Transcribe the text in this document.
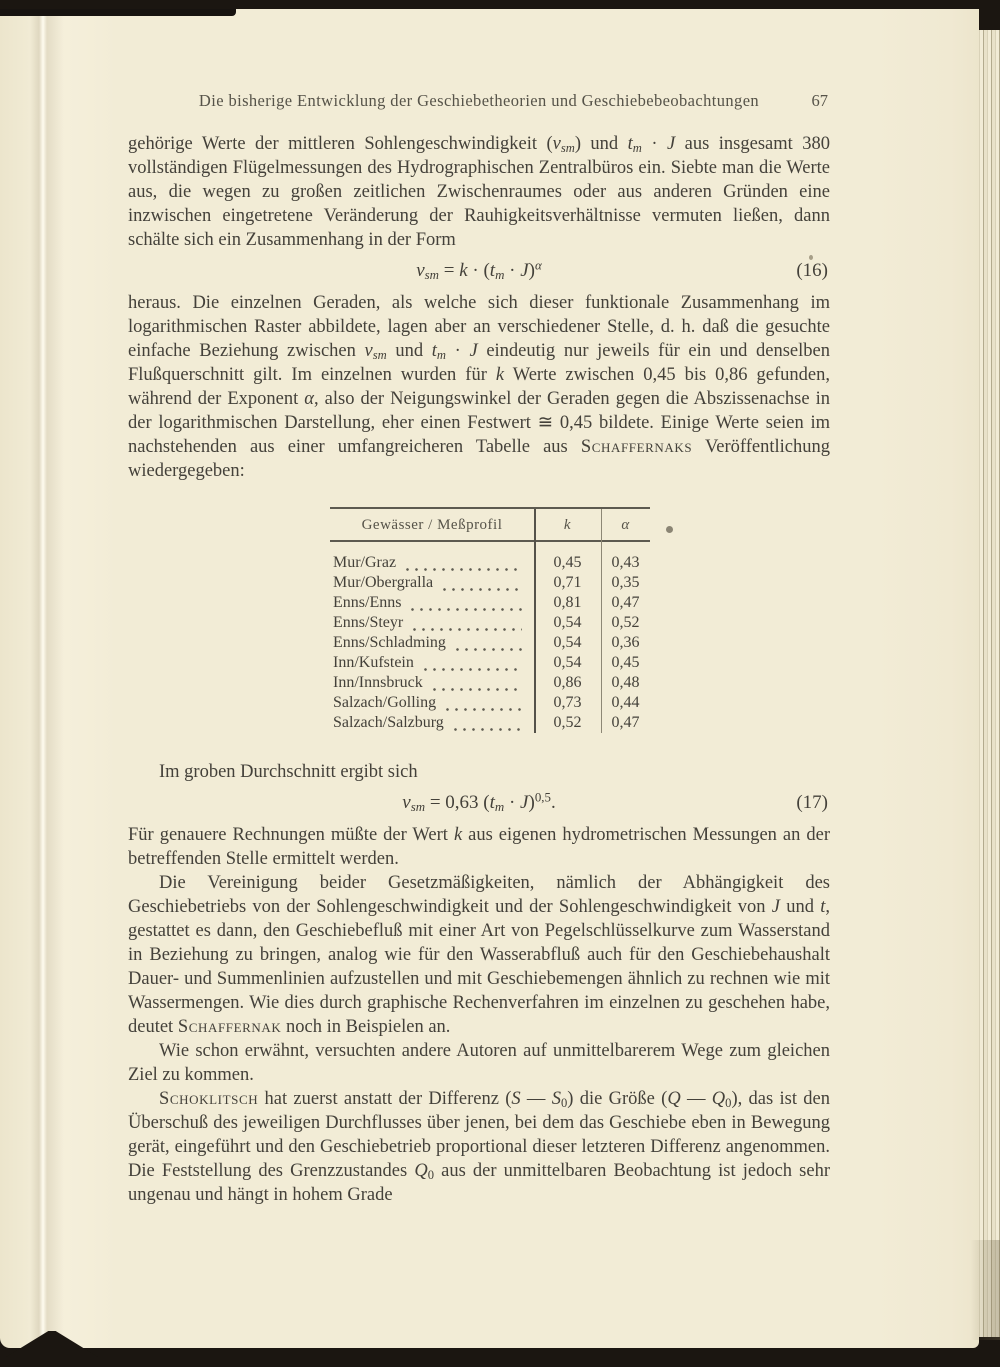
Die bisherige Entwicklung der Geschiebetheorien und Geschiebebeobachtungen	67

gehörige Werte der mittleren Sohlengeschwindigkeit $(v_{sm})$ und $t_m \cdot J$ aus insgesamt 380 vollständigen Flügelmessungen des Hydrographischen Zentralbüros ein. Siebte man die Werte aus, die wegen zu großen zeitlichen Zwischenraumes oder aus anderen Gründen eine inzwischen eingetretene Veränderung der Rauhigkeitsverhältnisse vermuten ließen, dann schälte sich ein Zusammenhang in der Form

$v_{sm} = k \cdot (t_m \cdot J)^\alpha$	(16)

heraus. Die einzelnen Geraden, als welche sich dieser funktionale Zusammenhang im logarithmischen Raster abbildete, lagen aber an verschiedener Stelle, d. h. daß die gesuchte einfache Beziehung zwischen $v_{sm}$ und $t_m \cdot J$ eindeutig nur jeweils für ein und denselben Flußquerschnitt gilt. Im einzelnen wurden für k Werte zwischen 0,45 bis 0,86 gefunden, während der Exponent α, also der Neigungswinkel der Geraden gegen die Abszissenachse in der logarithmischen Darstellung, eher einen Festwert ≅ 0,45 bildete. Einige Werte seien im nachstehenden aus einer umfangreicheren Tabelle aus Schaffernaks Veröffentlichung wiedergegeben:

Gewässer / Meßprofil	k	α
Mur/Graz	0,45	0,43
Mur/Obergralla	0,71	0,35
Enns/Enns	0,81	0,47
Enns/Steyr	0,54	0,52
Enns/Schladming	0,54	0,36
Inn/Kufstein	0,54	0,45
Inn/Innsbruck	0,86	0,48
Salzach/Golling	0,73	0,44
Salzach/Salzburg	0,52	0,47

Im groben Durchschnitt ergibt sich

$v_{sm} = 0,63$ $(t_m \cdot J)^{0,5}$.	(17)

Für genauere Rechnungen müßte der Wert k aus eigenen hydrometrischen Messungen an der betreffenden Stelle ermittelt werden.

Die Vereinigung beider Gesetzmäßigkeiten, nämlich der Abhängigkeit des Geschiebetriebs von der Sohlengeschwindigkeit und der Sohlengeschwindigkeit von J und t, gestattet es dann, den Geschiebefluß mit einer Art von Pegelschlüsselkurve zum Wasserstand in Beziehung zu bringen, analog wie für den Wasserabfluß auch für den Geschiebehaushalt Dauer- und Summenlinien aufzustellen und mit Geschiebemengen ähnlich zu rechnen wie mit Wassermengen. Wie dies durch graphische Rechenverfahren im einzelnen zu geschehen habe, deutet Schaffernak noch in Beispielen an.

Wie schon erwähnt, versuchten andere Autoren auf unmittelbarerem Wege zum gleichen Ziel zu kommen.

Schoklitsch hat zuerst anstatt der Differenz (S — $S_0$) die Größe (Q — $Q_0$), das ist den Überschuß des jeweiligen Durchflusses über jenen, bei dem das Geschiebe eben in Bewegung gerät, eingeführt und den Geschiebetrieb proportional dieser letzteren Differenz angenommen. Die Feststellung des Grenzzustandes $Q_0$ aus der unmittelbaren Beobachtung ist jedoch sehr ungenau und hängt in hohem Grade
